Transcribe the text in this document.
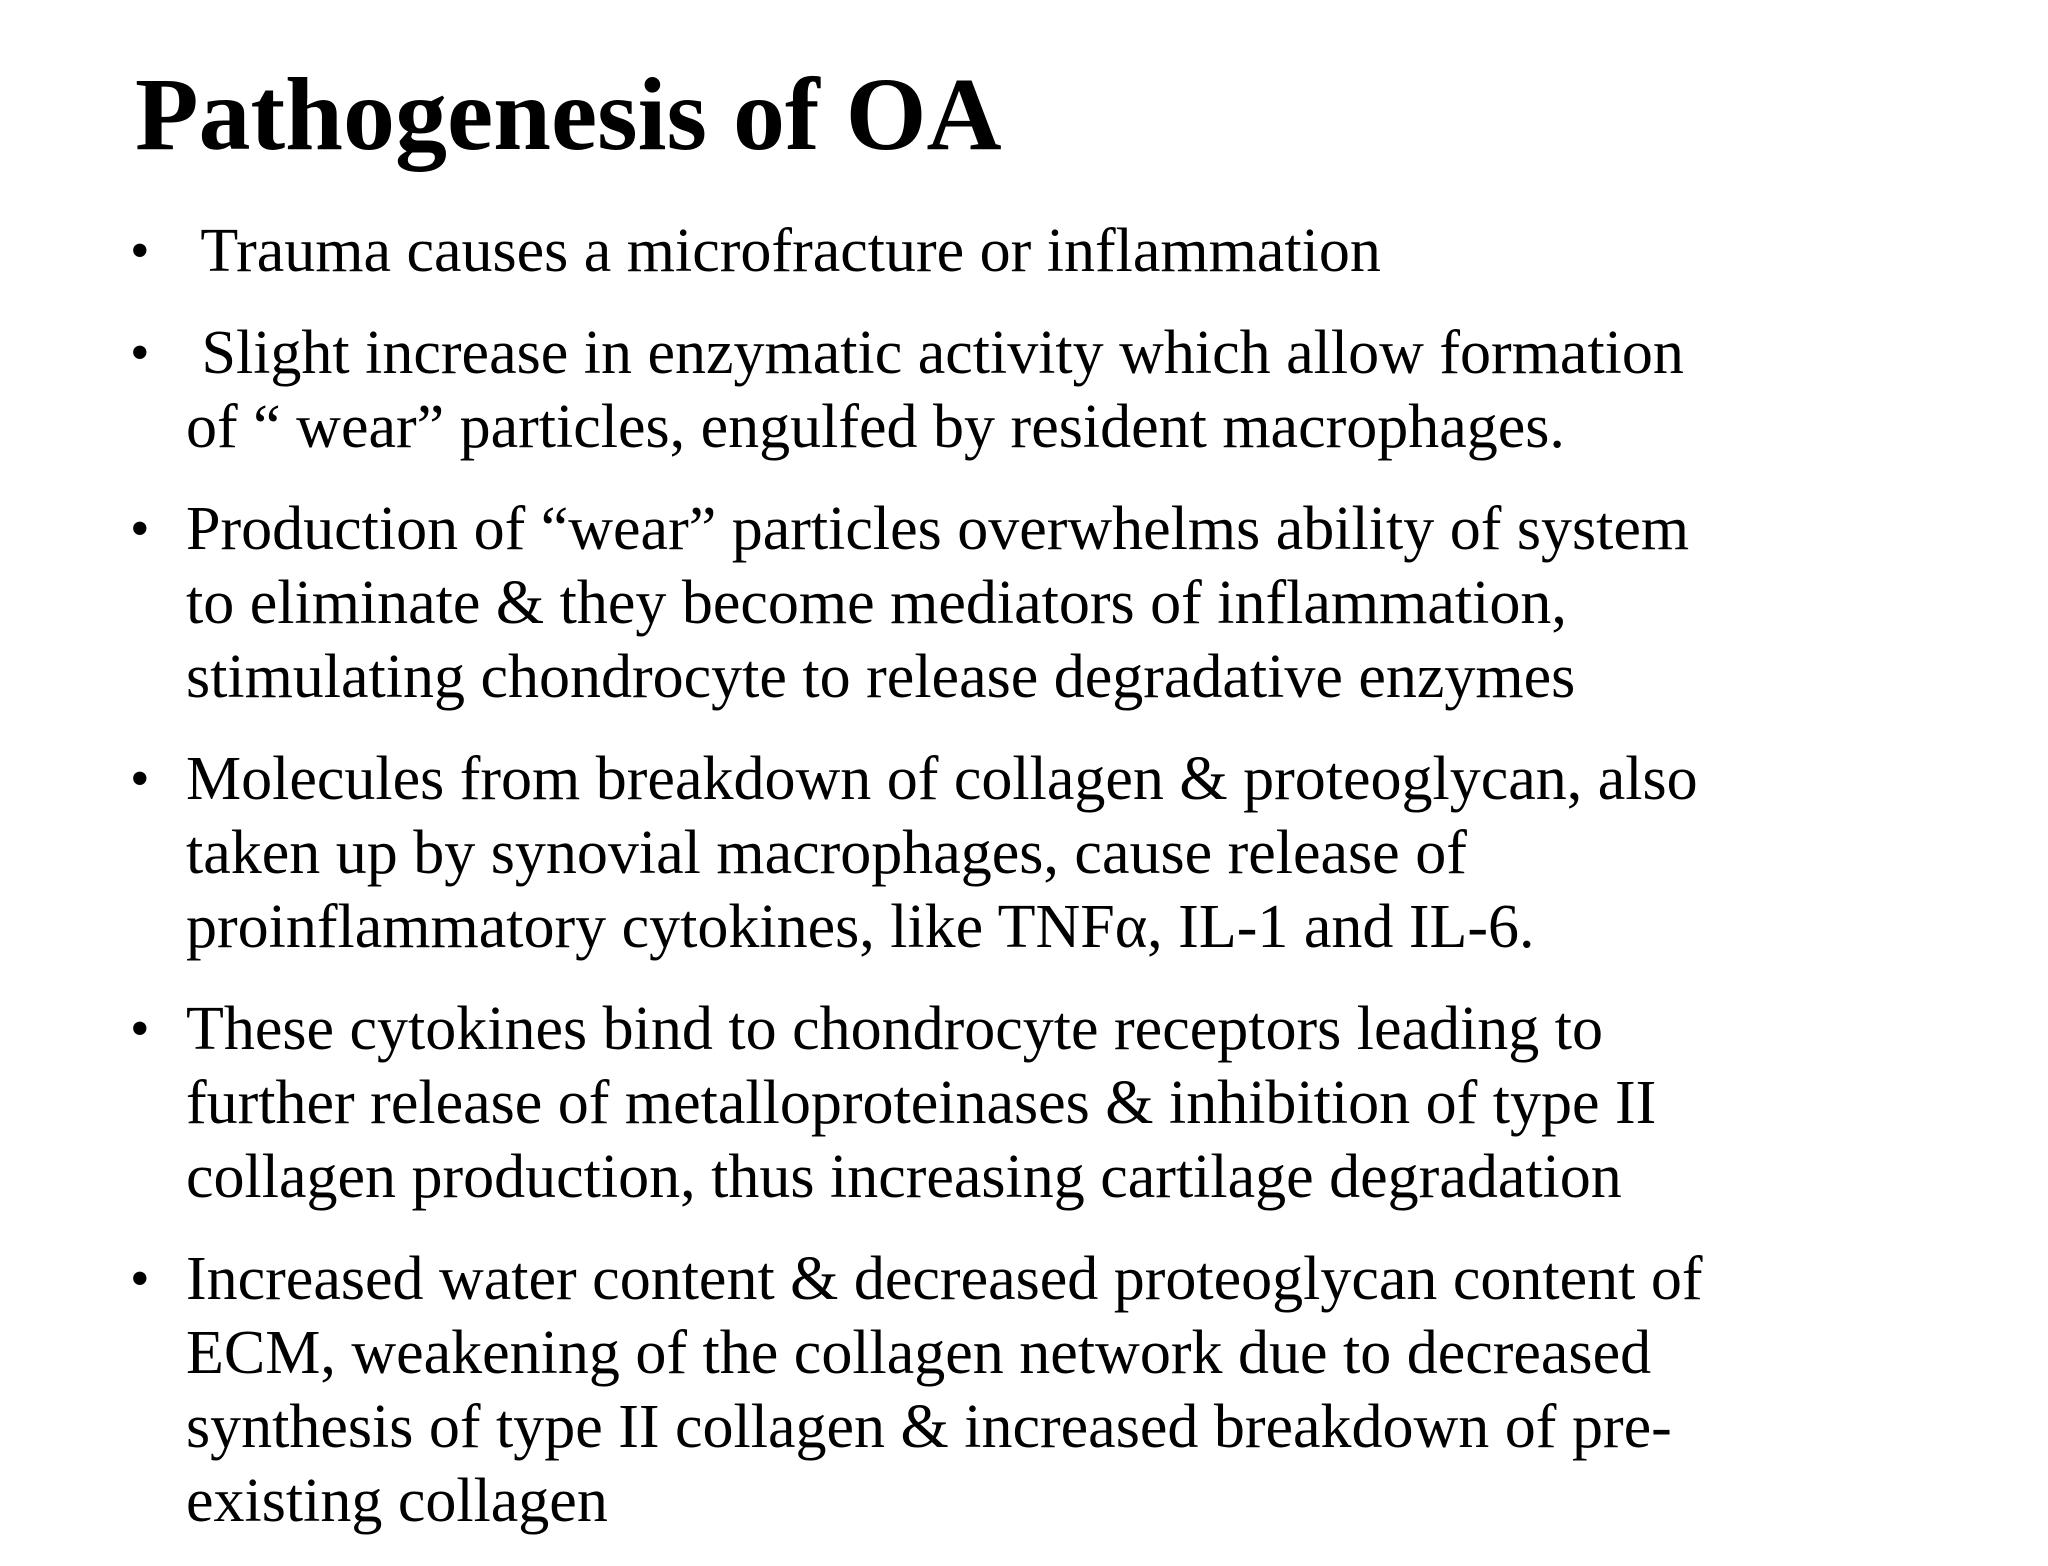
Pathogenesis of OA
• Trauma causes a microfracture or inflammation
• Slight increase in enzymatic activity which allow formation
of “ wear” particles, engulfed by resident macrophages.
• Production of “wear” particles overwhelms ability of system
to eliminate & they become mediators of inflammation,
stimulating chondrocyte to release degradative enzymes
• Molecules from breakdown of collagen & proteoglycan, also
taken up by synovial macrophages, cause release of
proinflammatory cytokines, like TNFα, IL-1 and IL-6.
• These cytokines bind to chondrocyte receptors leading to
further release of metalloproteinases & inhibition of type II
collagen production, thus increasing cartilage degradation
• Increased water content & decreased proteoglycan content of
ECM, weakening of the collagen network due to decreased
synthesis of type II collagen & increased breakdown of pre-
existing collagen
